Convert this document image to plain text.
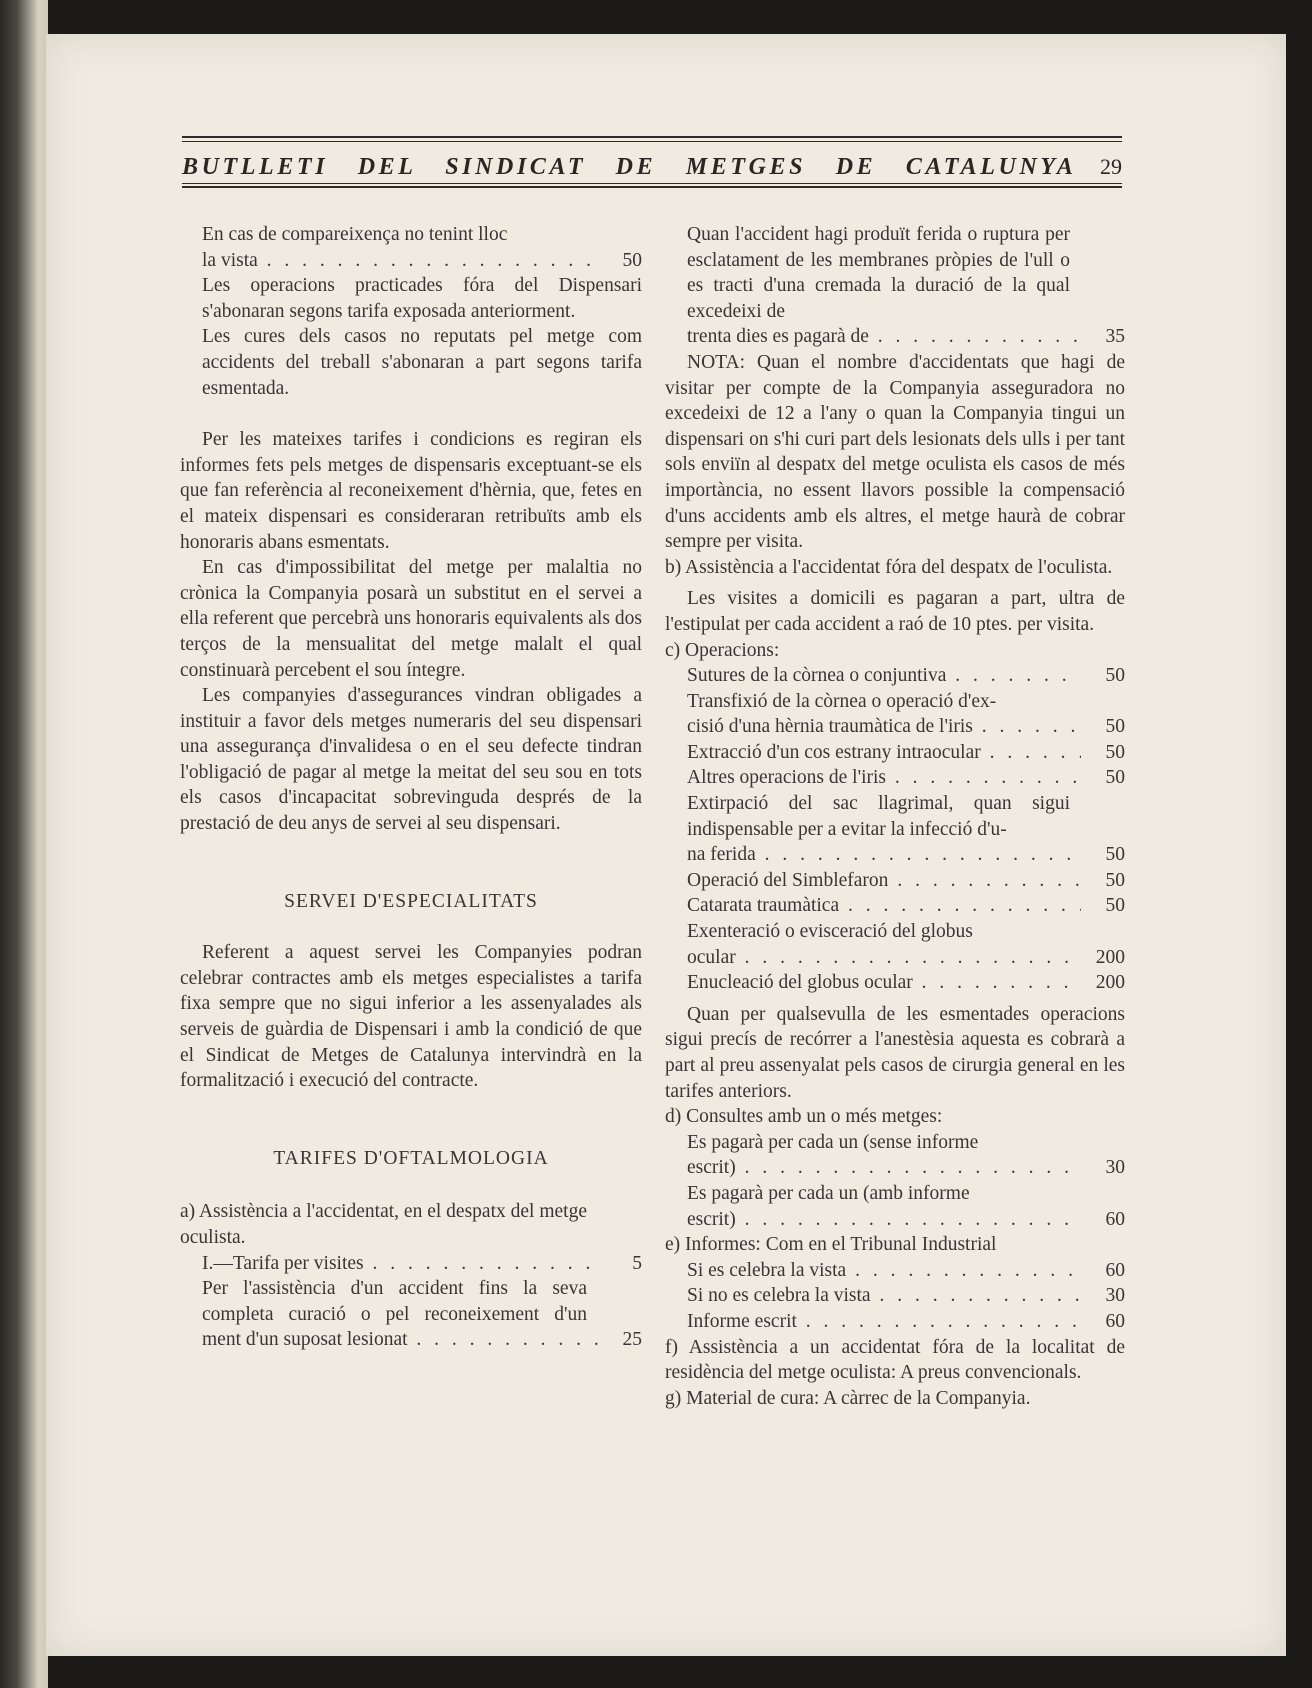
BUTLLETI DEL SINDICAT DE METGES DE CATALUNYA 29

En cas de compareixença no tenint lloc

la vista . .	50

Les operacions practicades fóra del Dispensari s'abonaran segons tarifa exposada anteriorment.

Les cures dels casos no reputats pel metge com accidents del treball s'abonaran a part segons tarifa esmentada.

Per les mateixes tarifes i condicions es regiran els informes fets pels metges de dispensaris exceptuant-se els que fan referència al reconeixement d'hèrnia, que, fetes en el mateix dispensari es consideraran retribuïts amb els honoraris abans esmentats.

En cas d'impossibilitat del metge per malaltia no crònica la Companyia posarà un substitut en el servei a ella referent que percebrà uns honoraris equivalents als dos terços de la mensualitat del metge malalt el qual constinuarà percebent el sou íntegre.

Les companyies d'assegurances vindran obligades a instituir a favor dels metges numeraris del seu dispensari una assegurança d'invalidesa o en el seu defecte tindran l'obligació de pagar al metge la meitat del seu sou en tots els casos d'incapacitat sobrevinguda després de la prestació de deu anys de servei al seu dispensari.

SERVEI D'ESPECIALITATS

Referent a aquest servei les Companyies podran celebrar contractes amb els metges especialistes a tarifa fixa sempre que no sigui inferior a les assenyalades als serveis de guàrdia de Dispensari i amb la condició de que el Sindicat de Metges de Catalunya intervindrà en la formalització i execució del contracte.

TARIFES D'OFTALMOLOGIA

a) Assistència a l'accidentat, en el despatx del metge oculista.

I.—Tarifa per visites . .	5

Per l'assistència d'un accident fins la seva completa curació o pel reconeixement d'un

ment d'un suposat lesionat . .	25

Quan l'accident hagi produït ferida o ruptura per esclatament de les membranes pròpies de l'ull o es tracti d'una cremada la duració de la qual excedeixi de

trenta dies es pagarà de . .	35

NOTA: Quan el nombre d'accidentats que hagi de visitar per compte de la Companyia asseguradora no excedeixi de 12 a l'any o quan la Companyia tingui un dispensari on s'hi curi part dels lesionats dels ulls i per tant sols enviïn al despatx del metge oculista els casos de més importància, no essent llavors possible la compensació d'uns accidents amb els altres, el metge haurà de cobrar sempre per visita.

b) Assistència a l'accidentat fóra del despatx de l'oculista.

Les visites a domicili es pagaran a part, ultra de l'estipulat per cada accident a raó de 10 ptes. per visita.

c) Operacions:

Sutures de la còrnea o conjuntiva . .	50
Transfixió de la còrnea o operació d'ex-
cisió d'una hèrnia traumàtica de l'iris . .	50
Extracció d'un cos estrany intraocular . .	50
Altres operacions de l'iris . .	50
Extirpació del sac llagrimal, quan sigui indispensable per a evitar la infecció d'u-
na ferida . .	50
Operació del Simblefaron . .	50
Catarata traumàtica . .	50
Exenteració o evisceració del globus
ocular . .	200
Enucleació del globus ocular . .	200

Quan per qualsevulla de les esmentades operacions sigui precís de recórrer a l'anestèsia aquesta es cobrarà a part al preu assenyalat pels casos de cirurgia general en les tarifes anteriors.

d) Consultes amb un o més metges:

Es pagarà per cada un (sense informe
escrit) . .	30
Es pagarà per cada un (amb informe
escrit) . .	60

e) Informes: Com en el Tribunal Industrial

Si es celebra la vista . .	60
Si no es celebra la vista . .	30
Informe escrit . .	60

f) Assistència a un accidentat fóra de la localitat de residència del metge oculista: A preus convencionals.

g) Material de cura: A càrrec de la Companyia.
